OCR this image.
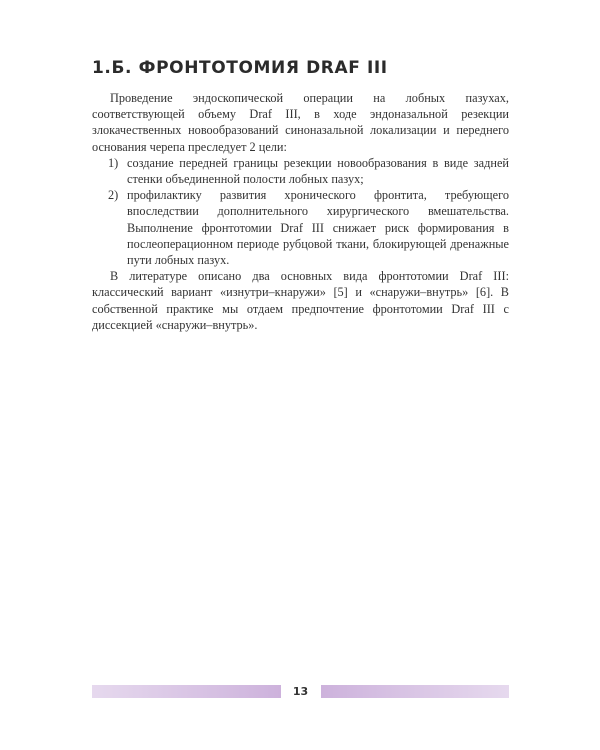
1.Б. ФРОНТОТОМИЯ DRAF III

Проведение эндоскопической операции на лобных пазухах, соответствующей объему Draf III, в ходе эндоназальной резекции злокачественных новообразований синоназальной локализации и переднего основания черепа преследует 2 цели:

1) создание передней границы резекции новообразования в виде задней стенки объединенной полости лобных пазух;
2) профилактику развития хронического фронтита, требующего впоследствии дополнительного хирургического вмешательства. Выполнение фронтотомии Draf III снижает риск формирования в послеоперационном периоде рубцовой ткани, блокирующей дренажные пути лобных пазух.

В литературе описано два основных вида фронтотомии Draf III: классический вариант «изнутри–кнаружи» [5] и «снаружи–внутрь» [6]. В собственной практике мы отдаем предпочтение фронтотомии Draf III с диссекцией «снаружи–внутрь».

13
